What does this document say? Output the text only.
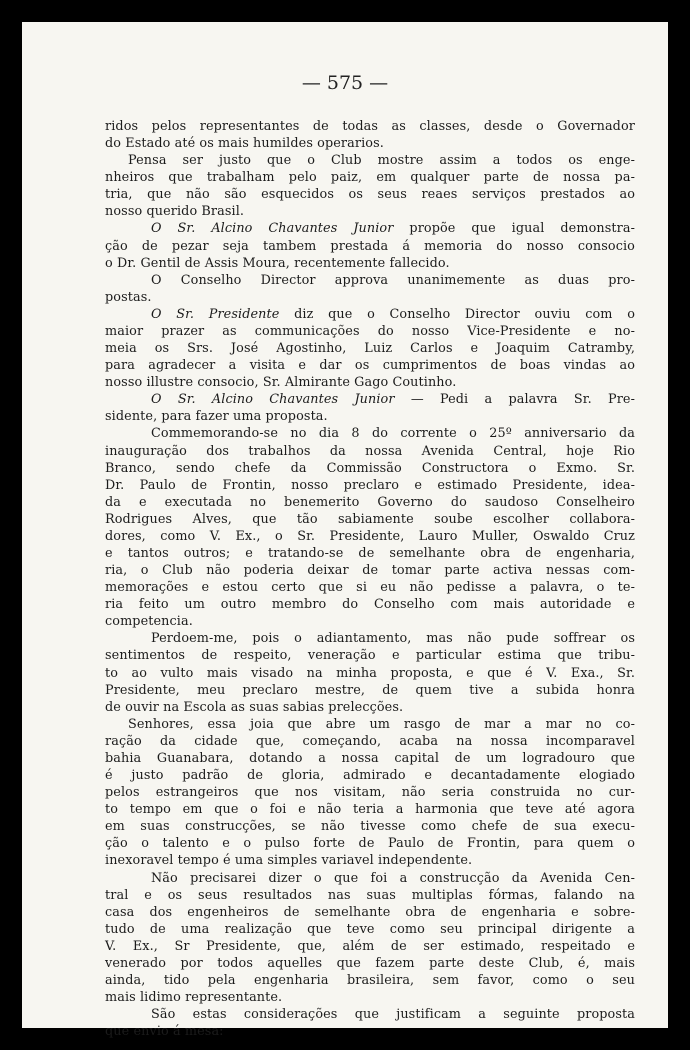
— 575 —
ridos pelos representantes de todas as classes, desde o Governador
do Estado até os mais humildes operarios.
Pensa ser justo que o Club mostre assim a todos os enge-
nheiros que trabalham pelo paiz, em qualquer parte de nossa pa-
tria, que não são esquecidos os seus reaes serviços prestados ao
nosso querido Brasil.
O Sr. Alcino Chavantes Junior propõe que igual demonstra-
ção de pezar seja tambem prestada á memoria do nosso consocio
o Dr. Gentil de Assis Moura, recentemente fallecido.
O Conselho Director approva unanimemente as duas pro-
postas.
O Sr. Presidente diz que o Conselho Director ouviu com o
maior prazer as communicações do nosso Vice-Presidente e no-
meia os Srs. José Agostinho, Luiz Carlos e Joaquim Catramby,
para agradecer a visita e dar os cumprimentos de boas vindas ao
nosso illustre consocio, Sr. Almirante Gago Coutinho.
O Sr. Alcino Chavantes Junior — Pedi a palavra Sr. Pre-
sidente, para fazer uma proposta.
Commemorando-se no dia 8 do corrente o 25º anniversario da
inauguração dos trabalhos da nossa Avenida Central, hoje Rio
Branco, sendo chefe da Commissão Constructora o Exmo. Sr.
Dr. Paulo de Frontin, nosso preclaro e estimado Presidente, idea-
da e executada no benemerito Governo do saudoso Conselheiro
Rodrigues Alves, que tão sabiamente soube escolher collabora-
dores, como V. Ex., o Sr. Presidente, Lauro Muller, Oswaldo Cruz
e tantos outros; e tratando-se de semelhante obra de engenharia,
ria, o Club não poderia deixar de tomar parte activa nessas com-
memorações e estou certo que si eu não pedisse a palavra, o te-
ria feito um outro membro do Conselho com mais autoridade e
competencia.
Perdoem-me, pois o adiantamento, mas não pude soffrear os
sentimentos de respeito, veneração e particular estima que tribu-
to ao vulto mais visado na minha proposta, e que é V. Exa., Sr.
Presidente, meu preclaro mestre, de quem tive a subida honra
de ouvir na Escola as suas sabias prelecções.
Senhores, essa joia que abre um rasgo de mar a mar no co-
ração da cidade que, começando, acaba na nossa incomparavel
bahia Guanabara, dotando a nossa capital de um logradouro que
é justo padrão de gloria, admirado e decantadamente elogiado
pelos estrangeiros que nos visitam, não seria construida no cur-
to tempo em que o foi e não teria a harmonia que teve até agora
em suas construcções, se não tivesse como chefe de sua execu-
ção o talento e o pulso forte de Paulo de Frontin, para quem o
inexoravel tempo é uma simples variavel independente.
Não precisarei dizer o que foi a construcção da Avenida Cen-
tral e os seus resultados nas suas multiplas fórmas, falando na
casa dos engenheiros de semelhante obra de engenharia e sobre-
tudo de uma realização que teve como seu principal dirigente a
V. Ex., Sr Presidente, que, além de ser estimado, respeitado e
venerado por todos aquelles que fazem parte deste Club, é, mais
ainda, tido pela engenharia brasileira, sem favor, como o seu
mais lidimo representante.
São estas considerações que justificam a seguinte proposta
que envio á mesa:
